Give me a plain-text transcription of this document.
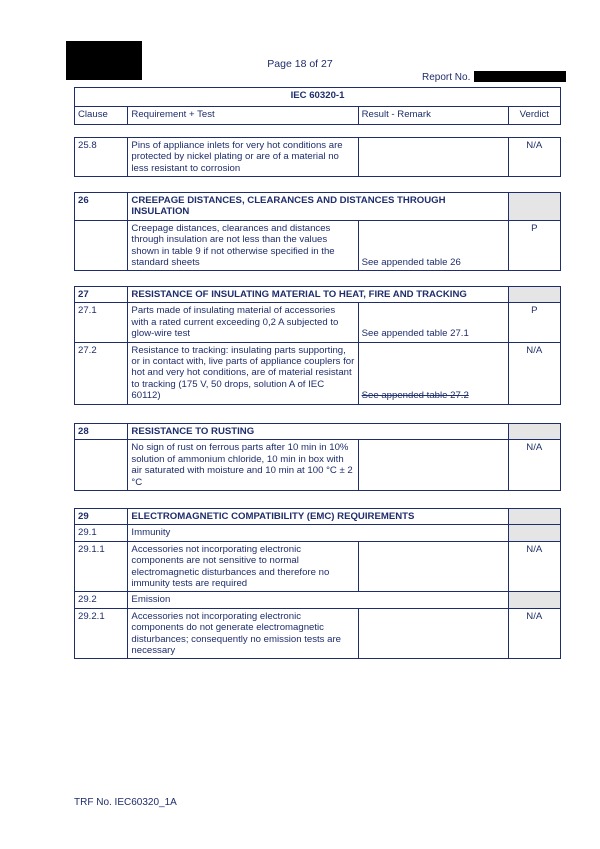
Page 18 of 27
Report No.
IEC 60320-1
Clause	Requirement + Test	Result - Remark	Verdict
25.8	Pins of appliance inlets for very hot conditions are protected by nickel plating or are of a material no less resistant to corrosion		N/A
26	CREEPAGE DISTANCES, CLEARANCES AND DISTANCES THROUGH INSULATION		
	Creepage distances, clearances and distances through insulation are not less than the values shown in table 9 if not otherwise specified in the standard sheets	See appended table 26	P
27	RESISTANCE OF INSULATING MATERIAL TO HEAT, FIRE AND TRACKING		
27.1	Parts made of insulating material of accessories with a rated current exceeding 0,2 A subjected to glow-wire test	See appended table 27.1	P
27.2	Resistance to tracking: insulating parts supporting, or in contact with, live parts of appliance couplers for hot and very hot conditions, are of material resistant to tracking (175 V, 50 drops, solution A of IEC 60112)	See appended table 27.2	N/A
28	RESISTANCE TO RUSTING		
	No sign of rust on ferrous parts after 10 min in 10% solution of ammonium chloride, 10 min in box with air saturated with moisture and 10 min at 100 °C ± 2 °C		N/A
29	ELECTROMAGNETIC COMPATIBILITY (EMC) REQUIREMENTS		
29.1	Immunity		
29.1.1	Accessories not incorporating electronic components are not sensitive to normal electromagnetic disturbances and therefore no immunity tests are required		N/A
29.2	Emission		
29.2.1	Accessories not incorporating electronic components do not generate electromagnetic disturbances; consequently no emission tests are necessary		N/A
TRF No. IEC60320_1A
